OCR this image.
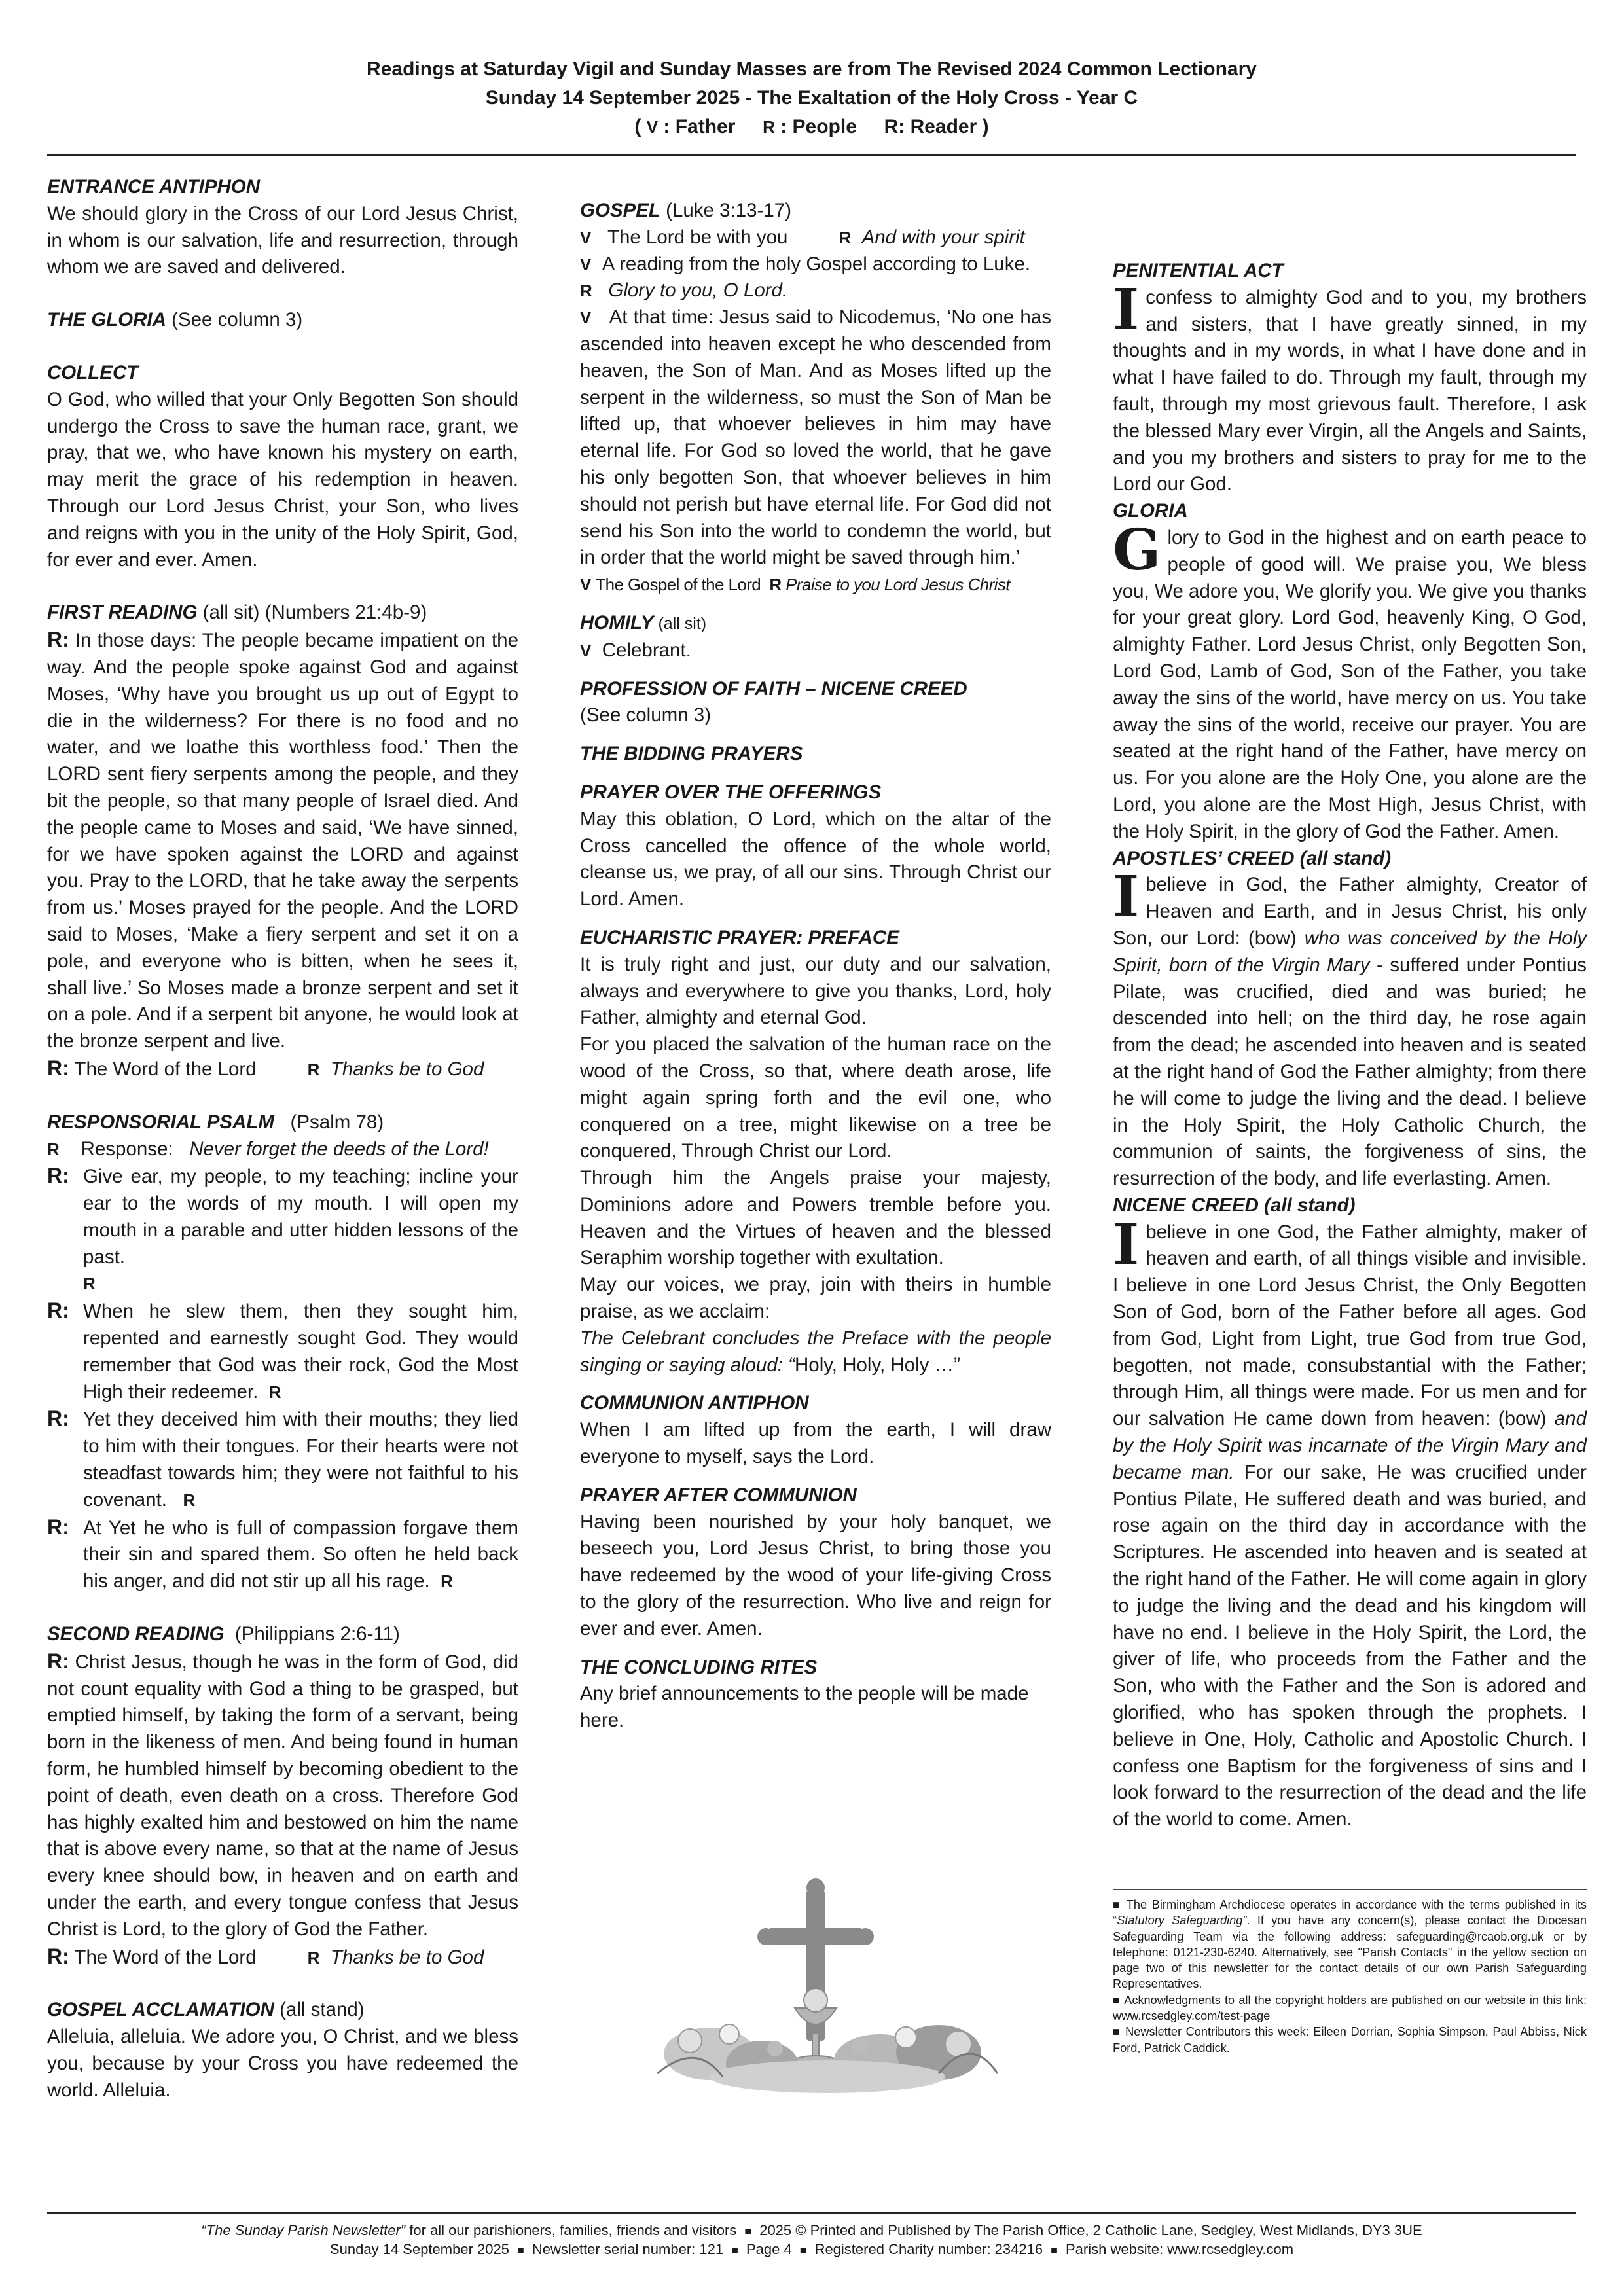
Readings at Saturday Vigil and Sunday Masses are from The Revised 2024 Common Lectionary
Sunday 14 September 2025 - The Exaltation of the Holy Cross - Year C
( V : Father R : People R: Reader )

ENTRANCE ANTIPHON

We should glory in the Cross of our Lord Jesus Christ, in whom is our salvation, life and resurrection, through whom we are saved and delivered.

THE GLORIA (See column 3)

COLLECT

O God, who willed that your Only Begotten Son should undergo the Cross to save the human race, grant, we pray, that we, who have known his mystery on earth, may merit the grace of his redemption in heaven. Through our Lord Jesus Christ, your Son, who lives and reigns with you in the unity of the Holy Spirit, God, for ever and ever. Amen.

FIRST READING (all sit) (Numbers 21:4b-9)

R: In those days: The people became impatient on the way. And the people spoke against God and against Moses, ‘Why have you brought us up out of Egypt to die in the wilderness? For there is no food and no water, and we loathe this worthless food.’ Then the LORD sent fiery serpents among the people, and they bit the people, so that many people of Israel died. And the people came to Moses and said, ‘We have sinned, for we have spoken against the LORD and against you. Pray to the LORD, that he take away the serpents from us.’ Moses prayed for the people. And the LORD said to Moses, ‘Make a fiery serpent and set it on a pole, and everyone who is bitten, when he sees it, shall live.’ So Moses made a bronze serpent and set it on a pole. And if a serpent bit anyone, he would look at the bronze serpent and live.

R: The Word of the Lord	R Thanks be to God

RESPONSORIAL PSALM (Psalm 78)

R Response: Never forget the deeds of the Lord!

R: Give ear, my people, to my teaching; incline your ear to the words of my mouth. I will open my mouth in a parable and utter hidden lessons of the past.
R

R: When he slew them, then they sought him, repented and earnestly sought God. They would remember that God was their rock, God the Most High their redeemer. R

R: Yet they deceived him with their mouths; they lied to him with their tongues. For their hearts were not steadfast towards him; they were not faithful to his covenant. R

R: At Yet he who is full of compassion forgave them their sin and spared them. So often he held back his anger, and did not stir up all his rage. R

SECOND READING (Philippians 2:6-11)

R: Christ Jesus, though he was in the form of God, did not count equality with God a thing to be grasped, but emptied himself, by taking the form of a servant, being born in the likeness of men. And being found in human form, he humbled himself by becoming obedient to the point of death, even death on a cross. Therefore God has highly exalted him and bestowed on him the name that is above every name, so that at the name of Jesus every knee should bow, in heaven and on earth and under the earth, and every tongue confess that Jesus Christ is Lord, to the glory of God the Father.

R: The Word of the Lord	R Thanks be to God

GOSPEL ACCLAMATION (all stand)

Alleluia, alleluia. We adore you, O Christ, and we bless you, because by your Cross you have redeemed the world. Alleluia.

GOSPEL (Luke 3:13-17)

V The Lord be with you	R And with your spirit

V A reading from the holy Gospel according to Luke.

R Glory to you, O Lord.

V At that time: Jesus said to Nicodemus, ‘No one has ascended into heaven except he who descended from heaven, the Son of Man. And as Moses lifted up the serpent in the wilderness, so must the Son of Man be lifted up, that whoever believes in him may have eternal life. For God so loved the world, that he gave his only begotten Son, that whoever believes in him should not perish but have eternal life. For God did not send his Son into the world to condemn the world, but in order that the world might be saved through him.’

V The Gospel of the Lord R Praise to you Lord Jesus Christ

HOMILY (all sit)

V Celebrant.

PROFESSION OF FAITH – NICENE CREED

(See column 3)

THE BIDDING PRAYERS

PRAYER OVER THE OFFERINGS

May this oblation, O Lord, which on the altar of the Cross cancelled the offence of the whole world, cleanse us, we pray, of all our sins. Through Christ our Lord. Amen.

EUCHARISTIC PRAYER: PREFACE

It is truly right and just, our duty and our salvation, always and everywhere to give you thanks, Lord, holy Father, almighty and eternal God.

For you placed the salvation of the human race on the wood of the Cross, so that, where death arose, life might again spring forth and the evil one, who conquered on a tree, might likewise on a tree be conquered, Through Christ our Lord.

Through him the Angels praise your majesty, Dominions adore and Powers tremble before you. Heaven and the Virtues of heaven and the blessed Seraphim worship together with exultation.

May our voices, we pray, join with theirs in humble praise, as we acclaim:

The Celebrant concludes the Preface with the people singing or saying aloud: “Holy, Holy, Holy …”

COMMUNION ANTIPHON

When I am lifted up from the earth, I will draw everyone to myself, says the Lord.

PRAYER AFTER COMMUNION

Having been nourished by your holy banquet, we beseech you, Lord Jesus Christ, to bring those you have redeemed by the wood of your life-giving Cross to the glory of the resurrection. Who live and reign for ever and ever. Amen.

THE CONCLUDING RITES

Any brief announcements to the people will be made here.

PENITENTIAL ACT

Iconfess to almighty God and to you, my brothers and sisters, that I have greatly sinned, in my thoughts and in my words, in what I have done and in what I have failed to do. Through my fault, through my fault, through my most grievous fault. Therefore, I ask the blessed Mary ever Virgin, all the Angels and Saints, and you my brothers and sisters to pray for me to the Lord our God.

GLORIA

Glory to God in the highest and on earth peace to people of good will. We praise you, We bless you, We adore you, We glorify you. We give you thanks for your great glory. Lord God, heavenly King, O God, almighty Father. Lord Jesus Christ, only Begotten Son, Lord God, Lamb of God, Son of the Father, you take away the sins of the world, have mercy on us. You take away the sins of the world, receive our prayer. You are seated at the right hand of the Father, have mercy on us. For you alone are the Holy One, you alone are the Lord, you alone are the Most High, Jesus Christ, with the Holy Spirit, in the glory of God the Father. Amen.

APOSTLES’ CREED (all stand)

Ibelieve in God, the Father almighty, Creator of Heaven and Earth, and in Jesus Christ, his only Son, our Lord: (bow) who was conceived by the Holy Spirit, born of the Virgin Mary - suffered under Pontius Pilate, was crucified, died and was buried; he descended into hell; on the third day, he rose again from the dead; he ascended into heaven and is seated at the right hand of God the Father almighty; from there he will come to judge the living and the dead. I believe in the Holy Spirit, the Holy Catholic Church, the communion of saints, the forgiveness of sins, the resurrection of the body, and life everlasting. Amen.

NICENE CREED (all stand)

Ibelieve in one God, the Father almighty, maker of heaven and earth, of all things visible and invisible. I believe in one Lord Jesus Christ, the Only Begotten Son of God, born of the Father before all ages. God from God, Light from Light, true God from true God, begotten, not made, consubstantial with the Father; through Him, all things were made. For us men and for our salvation He came down from heaven: (bow) and by the Holy Spirit was incarnate of the Virgin Mary and became man. For our sake, He was crucified under Pontius Pilate, He suffered death and was buried, and rose again on the third day in accordance with the Scriptures. He ascended into heaven and is seated at the right hand of the Father. He will come again in glory to judge the living and the dead and his kingdom will have no end. I believe in the Holy Spirit, the Lord, the giver of life, who proceeds from the Father and the Son, who with the Father and the Son is adored and glorified, who has spoken through the prophets. I believe in One, Holy, Catholic and Apostolic Church. I confess one Baptism for the forgiveness of sins and I look forward to the resurrection of the dead and the life of the world to come. Amen.

■ The Birmingham Archdiocese operates in accordance with the terms published in its “Statutory Safeguarding”. If you have any concern(s), please contact the Diocesan Safeguarding Team via the following address: safeguarding@rcaob.org.uk or by telephone: 0121-230-6240. Alternatively, see "Parish Contacts" in the yellow section on page two of this newsletter for the contact details of our own Parish Safeguarding Representatives.

■ Acknowledgments to all the copyright holders are published on our website in this link: www.rcsedgley.com/test-page

■ Newsletter Contributors this week: Eileen Dorrian, Sophia Simpson, Paul Abbiss, Nick Ford, Patrick Caddick.

“The Sunday Parish Newsletter” for all our parishioners, families, friends and visitors ■ 2025 © Printed and Published by The Parish Office, 2 Catholic Lane, Sedgley, West Midlands, DY3 3UE
Sunday 14 September 2025 ■ Newsletter serial number: 121 ■ Page 4 ■ Registered Charity number: 234216 ■ Parish website: www.rcsedgley.com
